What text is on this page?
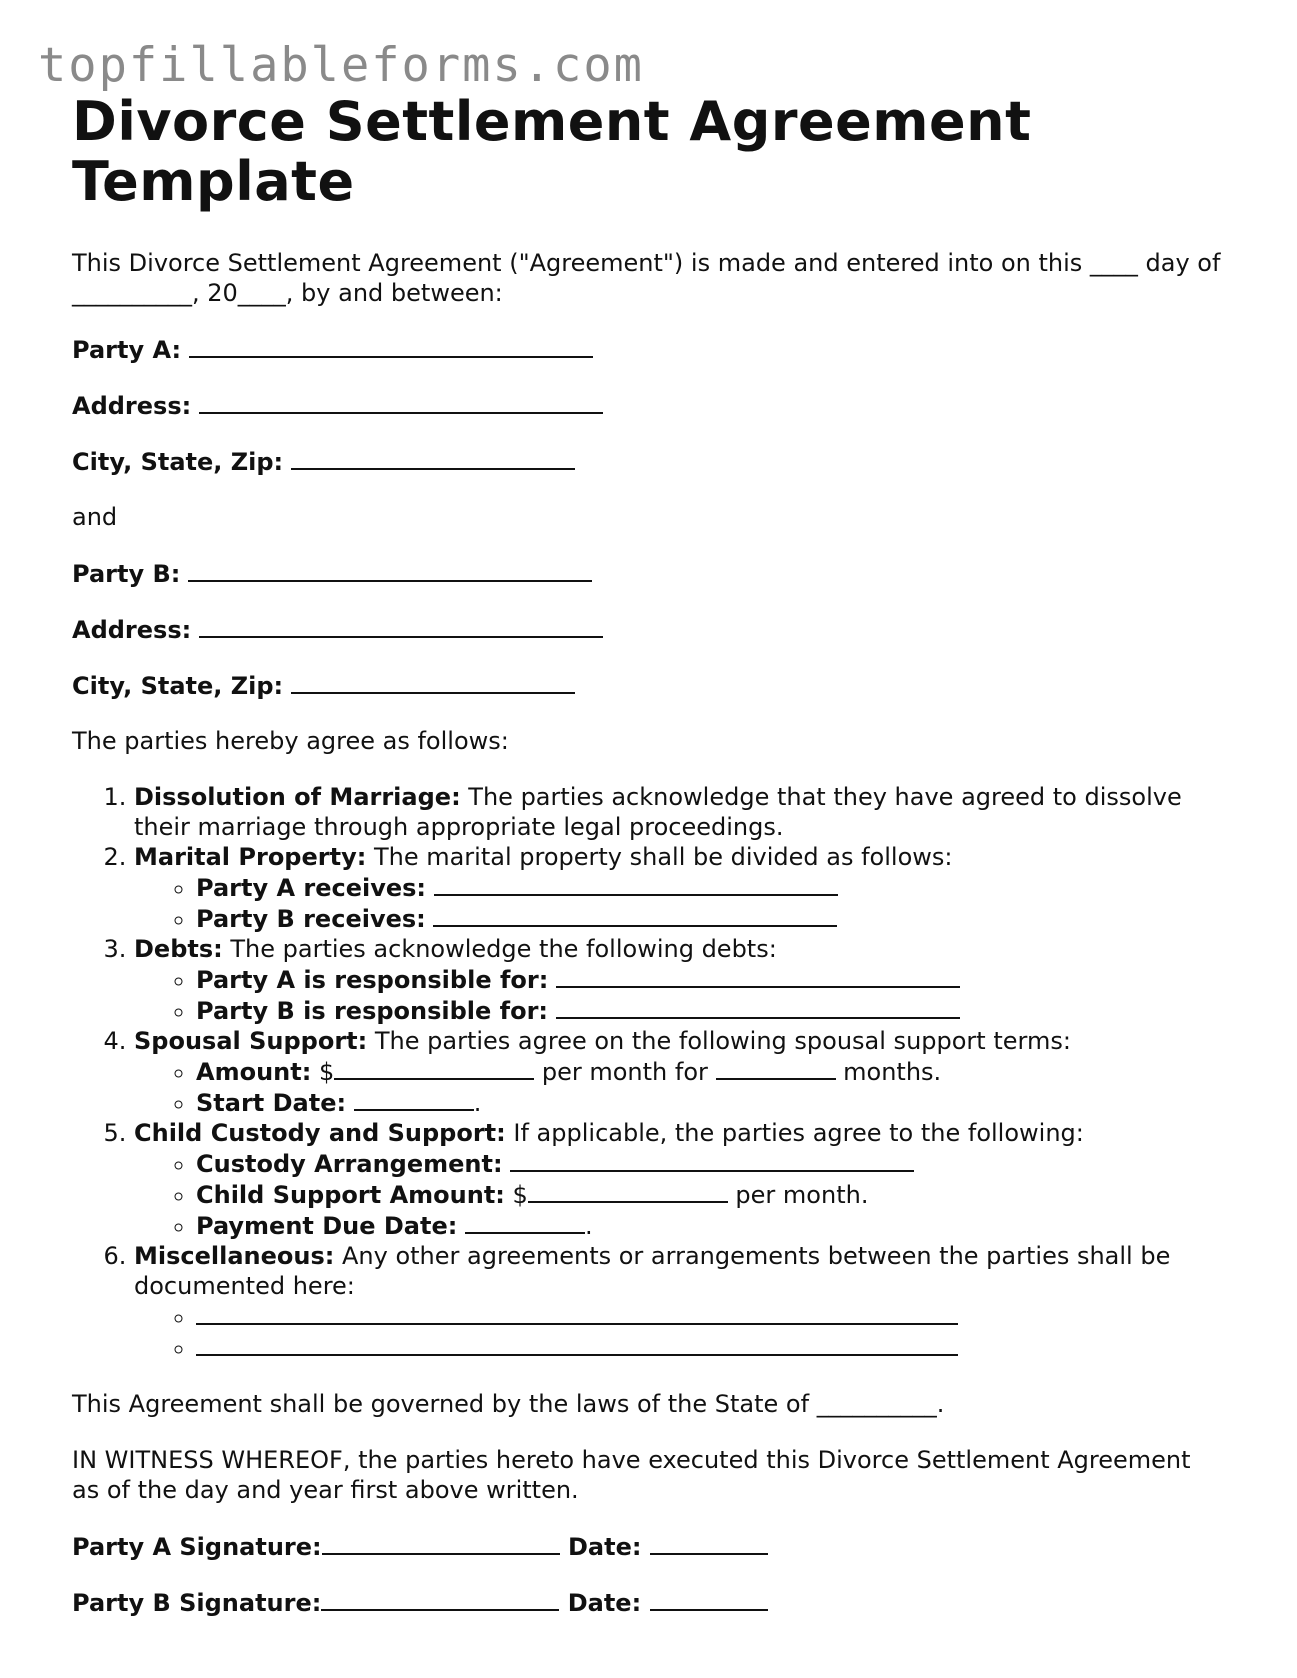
topfillableforms.com
Divorce Settlement Agreement Template

This Divorce Settlement Agreement ("Agreement") is made and entered into on this ____ day of __________, 20____, by and between:

Party A:
Address:
City, State, Zip:

and

Party B:
Address:
City, State, Zip:

The parties hereby agree as follows:

1. Dissolution of Marriage: The parties acknowledge that they have agreed to dissolve their marriage through appropriate legal proceedings.
2. Marital Property: The marital property shall be divided as follows:
◦ Party A receives:
◦ Party B receives:
3. Debts: The parties acknowledge the following debts:
◦ Party A is responsible for:
◦ Party B is responsible for:
4. Spousal Support: The parties agree on the following spousal support terms:
◦ Amount: $	per month for	months.
◦ Start Date:	.
5. Child Custody and Support: If applicable, the parties agree to the following:
◦ Custody Arrangement:
◦ Child Support Amount: $	per month.
◦ Payment Due Date:	.
6. Miscellaneous: Any other agreements or arrangements between the parties shall be documented here:
◦
◦

This Agreement shall be governed by the laws of the State of __________.

IN WITNESS WHEREOF, the parties hereto have executed this Divorce Settlement Agreement as of the day and year first above written.

Party A Signature:	Date:
Party B Signature:	Date:
